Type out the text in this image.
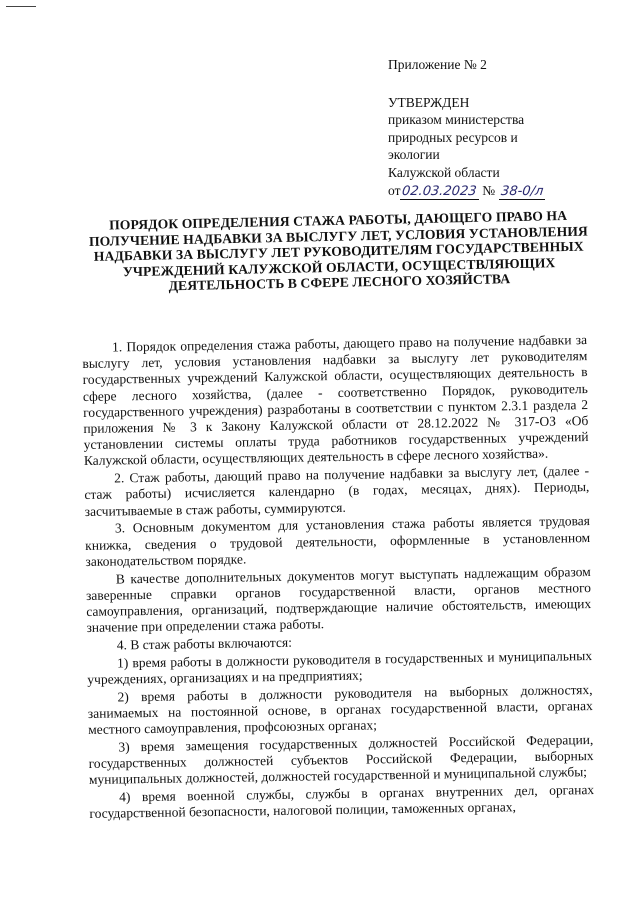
Приложение № 2
УТВЕРЖДЕН
приказом министерства
природных ресурсов и
экологии
Калужской области
от02.03.2023 № 38-0/л
ПОРЯДОК ОПРЕДЕЛЕНИЯ СТАЖА РАБОТЫ, ДАЮЩЕГО ПРАВО НА ПОЛУЧЕНИЕ НАДБАВКИ ЗА ВЫСЛУГУ ЛЕТ, УСЛОВИЯ УСТАНОВЛЕНИЯ НАДБАВКИ ЗА ВЫСЛУГУ ЛЕТ РУКОВОДИТЕЛЯМ ГОСУДАРСТВЕННЫХ УЧРЕЖДЕНИЙ КАЛУЖСКОЙ ОБЛАСТИ, ОСУЩЕСТВЛЯЮЩИХ ДЕЯТЕЛЬНОСТЬ В СФЕРЕ ЛЕСНОГО ХОЗЯЙСТВА

1. Порядок определения стажа работы, дающего право на получение надбавки за выслугу лет, условия установления надбавки за выслугу лет руководителям государственных учреждений Калужской области, осуществляющих деятельность в сфере лесного хозяйства, (далее - соответственно Порядок, руководитель государственного учреждения) разработаны в соответствии с пунктом 2.3.1 раздела 2 приложения № 3 к Закону Калужской области от 28.12.2022 № 317-ОЗ «Об установлении системы оплаты труда работников государственных учреждений Калужской области, осуществляющих деятельность в сфере лесного хозяйства».

2. Стаж работы, дающий право на получение надбавки за выслугу лет, (далее - стаж работы) исчисляется календарно (в годах, месяцах, днях). Периоды, засчитываемые в стаж работы, суммируются.

3. Основным документом для установления стажа работы является трудовая книжка, сведения о трудовой деятельности, оформленные в установленном законодательством порядке.

В качестве дополнительных документов могут выступать надлежащим образом заверенные справки органов государственной власти, органов местного самоуправления, организаций, подтверждающие наличие обстоятельств, имеющих значение при определении стажа работы.

4. В стаж работы включаются:

1) время работы в должности руководителя в государственных и муниципальных учреждениях, организациях и на предприятиях;

2) время работы в должности руководителя на выборных должностях, занимаемых на постоянной основе, в органах государственной власти, органах местного самоуправления, профсоюзных органах;

3) время замещения государственных должностей Российской Федерации, государственных должностей субъектов Российской Федерации, выборных муниципальных должностей, должностей государственной и муниципальной службы;

4) время военной службы, службы в органах внутренних дел, органах государственной безопасности, налоговой полиции, таможенных органах,
